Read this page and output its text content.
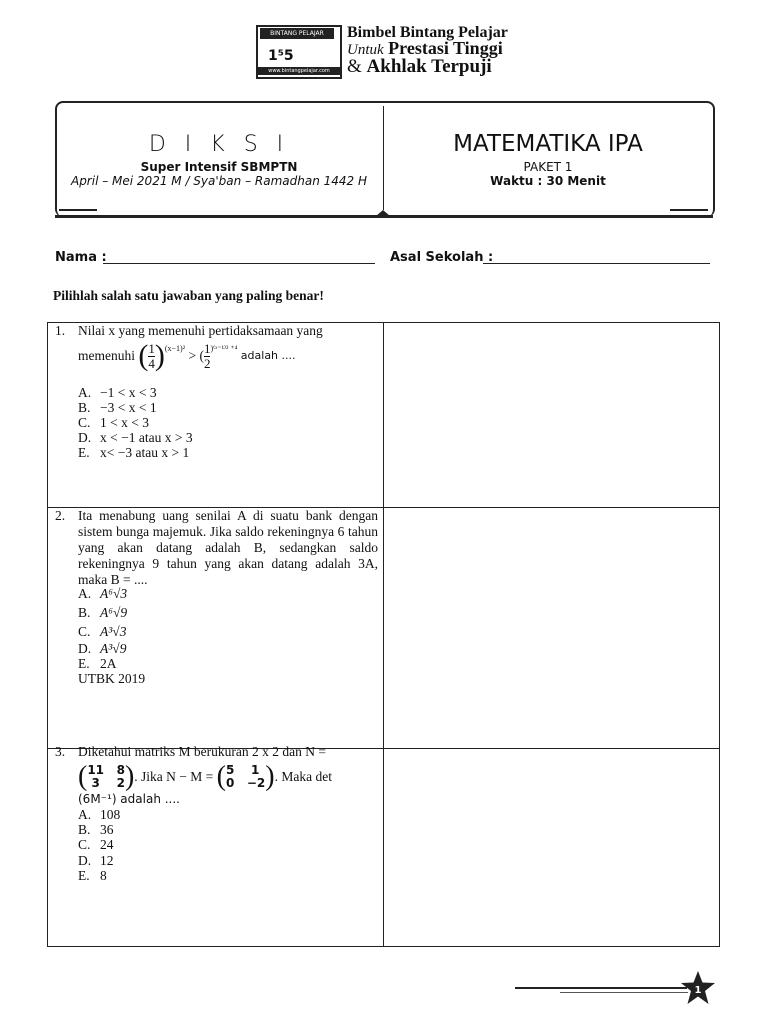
BINTANG PELAJAR
1⁵5
www.bintangpelajar.com
Bimbel Bintang Pelajar
Untuk Prestasi Tinggi
& Akhlak Terpuji
D I K S I
Super Intensif SBMPTN
April – Mei 2021 M / Sya'ban – Ramadhan 1442 H
MATEMATIKA IPA
PAKET 1
Waktu : 30 Menit
Nama :	Asal Sekolah :
Pilihlah salah satu jawaban yang paling benar!
1. Nilai x yang memenuhi pertidaksamaan yang
memenuhi ( $\frac{1}{4} )^{(x-1)^2}$ > ( $\frac{1}{2} ^{)^(ˣ^{-1)2} ^{+4}}$ adalah ....
A. −1 < x < 3
B. −3 < x < 1
C. 1 < x < 3
D. x < −1 atau x > 3
E. x< −3 atau x > 1
2. Ita menabung uang senilai A di suatu bank dengan sistem bunga majemuk. Jika saldo rekeningnya 6 tahun yang akan datang adalah B, sedangkan saldo rekeningnya 9 tahun yang akan datang adalah 3A, maka B = ....
A. A⁶√3
B. A⁶√9
C. A³√3
D. A³√9
E. 2A
UTBK 2019
3. Diketahui matriks M berukuran 2 x 2 dan N =
(11 8
3 2). Jika N − M = (5 1
0 −2). Maka det
(6M⁻¹) adalah ....
A. 108
B. 36
C. 24
D. 12
E. 8
1
